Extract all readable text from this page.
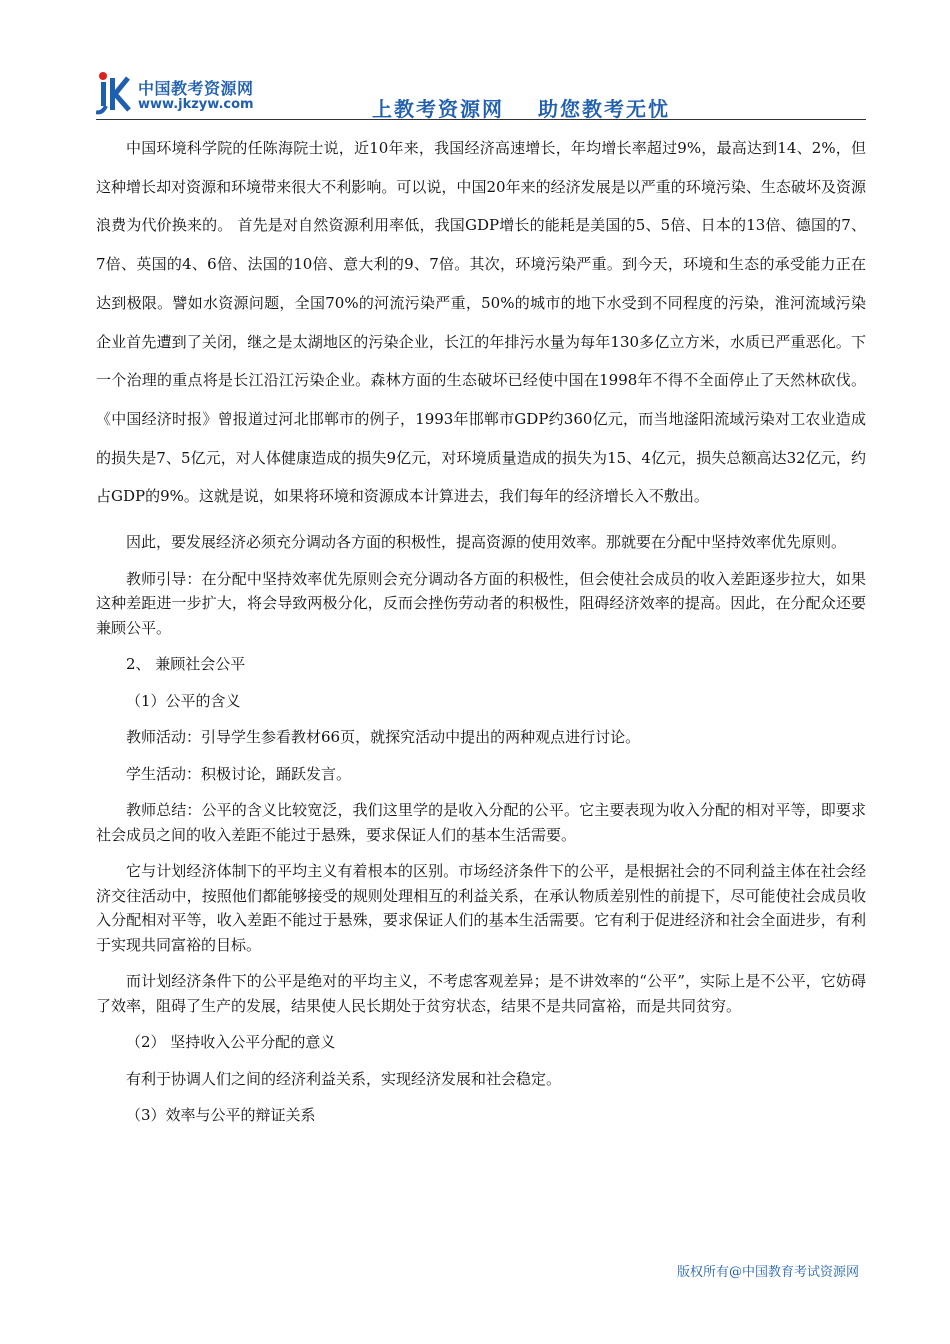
中国教考资源网
www.jkzyw.com	上教考资源网 助您教考无忧

中国环境科学院的任陈海院士说，近10年来，我国经济高速增长，年均增长率超过9%，最高达到14、2%，但这种增长却对资源和环境带来很大不利影响。可以说，中国20年来的经济发展是以严重的环境污染、生态破坏及资源浪费为代价换来的。 首先是对自然资源利用率低，我国GDP增长的能耗是美国的5、5倍、日本的13倍、德国的7、7倍、英国的4、6倍、法国的10倍、意大利的9、7倍。其次，环境污染严重。到今天，环境和生态的承受能力正在达到极限。譬如水资源问题，全国70%的河流污染严重，50%的城市的地下水受到不同程度的污染，淮河流域污染企业首先遭到了关闭，继之是太湖地区的污染企业，长江的年排污水量为每年130多亿立方米，水质已严重恶化。下一个治理的重点将是长江沿江污染企业。森林方面的生态破坏已经使中国在1998年不得不全面停止了天然林砍伐。《中国经济时报》曾报道过河北邯郸市的例子，1993年邯郸市GDP约360亿元，而当地滏阳流域污染对工农业造成的损失是7、5亿元，对人体健康造成的损失9亿元，对环境质量造成的损失为15、4亿元，损失总额高达32亿元，约占GDP的9%。这就是说，如果将环境和资源成本计算进去，我们每年的经济增长入不敷出。

因此，要发展经济必须充分调动各方面的积极性，提高资源的使用效率。那就要在分配中坚持效率优先原则。

教师引导：在分配中坚持效率优先原则会充分调动各方面的积极性，但会使社会成员的收入差距逐步拉大，如果这种差距进一步扩大，将会导致两极分化，反而会挫伤劳动者的积极性，阻碍经济效率的提高。因此，在分配众还要兼顾公平。

2、 兼顾社会公平

（1）公平的含义

教师活动：引导学生参看教材66页，就探究活动中提出的两种观点进行讨论。

学生活动：积极讨论，踊跃发言。

教师总结：公平的含义比较宽泛，我们这里学的是收入分配的公平。它主要表现为收入分配的相对平等，即要求社会成员之间的收入差距不能过于悬殊，要求保证人们的基本生活需要。

它与计划经济体制下的平均主义有着根本的区别。市场经济条件下的公平，是根据社会的不同利益主体在社会经济交往活动中，按照他们都能够接受的规则处理相互的利益关系，在承认物质差别性的前提下，尽可能使社会成员收入分配相对平等，收入差距不能过于悬殊，要求保证人们的基本生活需要。它有利于促进经济和社会全面进步，有利于实现共同富裕的目标。

而计划经济条件下的公平是绝对的平均主义，不考虑客观差异；是不讲效率的“公平”，实际上是不公平，它妨碍了效率，阻碍了生产的发展，结果使人民长期处于贫穷状态，结果不是共同富裕，而是共同贫穷。

（2） 坚持收入公平分配的意义

有利于协调人们之间的经济利益关系，实现经济发展和社会稳定。

（3）效率与公平的辩证关系

版权所有@中国教育考试资源网
